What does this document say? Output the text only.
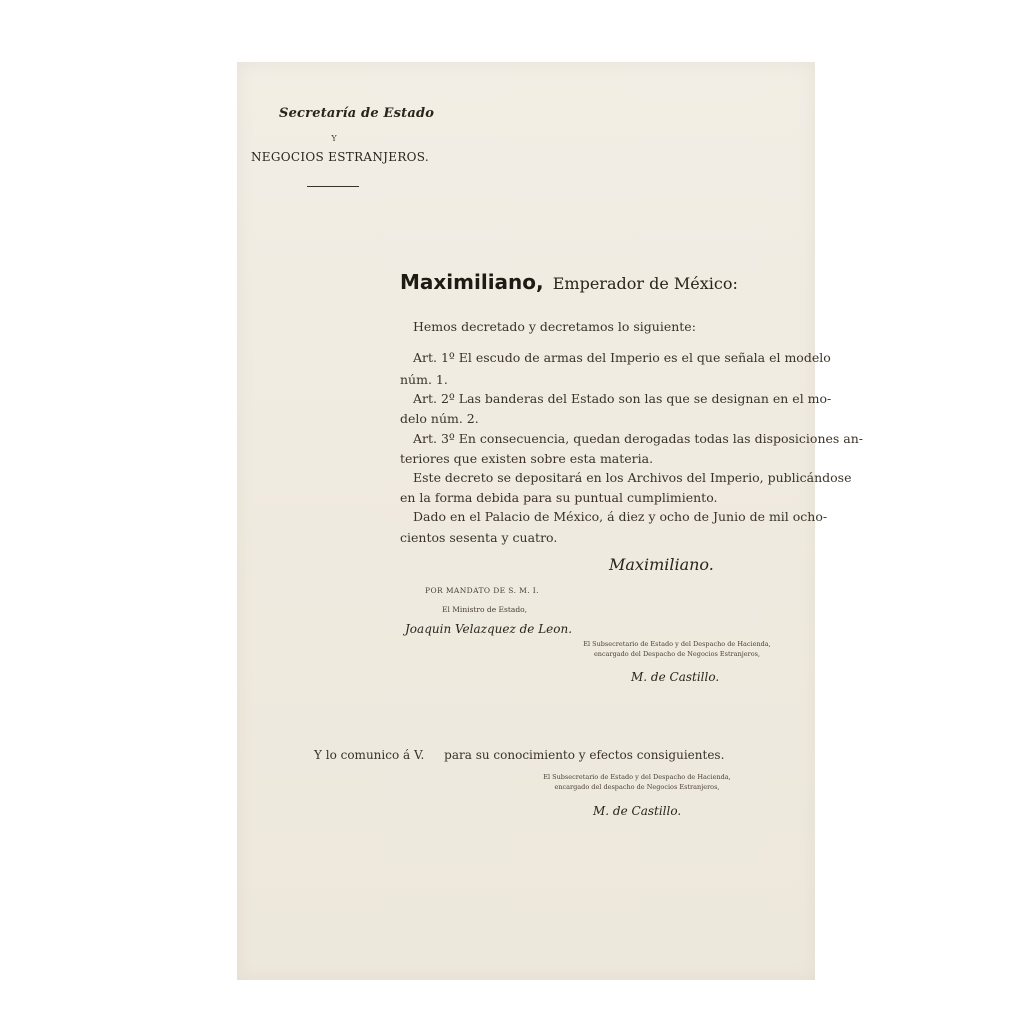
Secretaría de Estado
Y
NEGOCIOS ESTRANJEROS.
Maximiliano, Emperador de México:
Hemos decretado y decretamos lo siguiente:
Art. 1º El escudo de armas del Imperio es el que señala el modelo
núm. 1.
Art. 2º Las banderas del Estado son las que se designan en el mo-
delo núm. 2.
Art. 3º En consecuencia, quedan derogadas todas las disposiciones an-
teriores que existen sobre esta materia.
Este decreto se depositará en los Archivos del Imperio, publicándose
en la forma debida para su puntual cumplimiento.
Dado en el Palacio de México, á diez y ocho de Junio de mil ocho-
cientos sesenta y cuatro.
Maximiliano.
POR MANDATO DE S. M. I.
El Ministro de Estado,
Joaquin Velazquez de Leon.
El Subsecretario de Estado y del Despacho de Hacienda,
encargado del Despacho de Negocios Estranjeros,
M. de Castillo.
Y lo comunico á V. para su conocimiento y efectos consiguientes.
El Subsecretario de Estado y del Despacho de Hacienda,
encargado del despacho de Negocios Estranjeros,
M. de Castillo.
